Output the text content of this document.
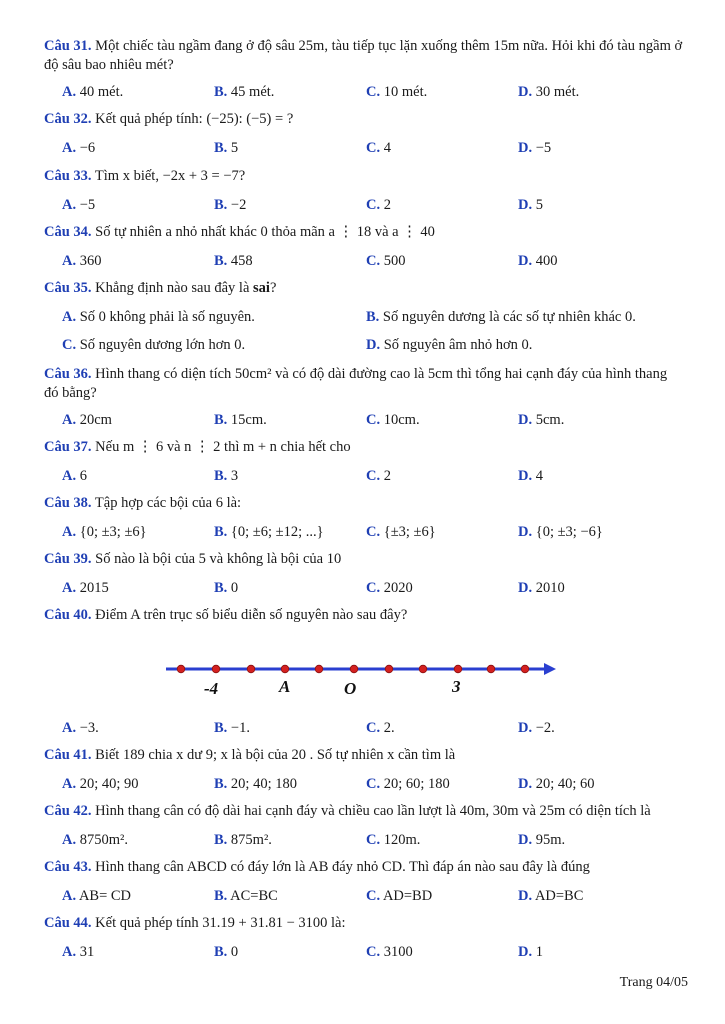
Câu 31. Một chiếc tàu ngầm đang ở độ sâu 25m, tàu tiếp tục lặn xuống thêm 15m nữa. Hỏi khi đó tàu ngầm ở độ sâu bao nhiêu mét?
A. 40 mét.	B. 45 mét.	C. 10 mét.	D. 30 mét.
Câu 32. Kết quả phép tính: (−25): (−5) = ?
A. −6	B. 5	C. 4	D. −5
Câu 33. Tìm x biết, −2x + 3 = −7?
A. −5	B. −2	C. 2	D. 5
Câu 34. Số tự nhiên a nhỏ nhất khác 0 thỏa mãn a ⋮ 18 và a ⋮ 40
A. 360	B. 458	C. 500	D. 400
Câu 35. Khẳng định nào sau đây là sai?
A. Số 0 không phải là số nguyên.	B. Số nguyên dương là các số tự nhiên khác 0.
C. Số nguyên dương lớn hơn 0.	D. Số nguyên âm nhỏ hơn 0.
Câu 36. Hình thang có diện tích 50cm² và có độ dài đường cao là 5cm thì tổng hai cạnh đáy của hình thang đó bằng?
A. 20cm	B. 15cm.	C. 10cm.	D. 5cm.
Câu 37. Nếu m ⋮ 6 và n ⋮ 2 thì m + n chia hết cho
A. 6	B. 3	C. 2	D. 4
Câu 38. Tập hợp các bội của 6 là:
A. {0; ±3; ±6}	B. {0; ±6; ±12; ...}	C. {±3; ±6}	D. {0; ±3; −6}
Câu 39. Số nào là bội của 5 và không là bội của 10
A. 2015	B. 0	C. 2020	D. 2010
Câu 40. Điểm A trên trục số biểu diễn số nguyên nào sau đây?
-4	A	O	3
A. −3.	B. −1.	C. 2.	D. −2.
Câu 41. Biết 189 chia x dư 9; x là bội của 20 . Số tự nhiên x cần tìm là
A. 20; 40; 90	B. 20; 40; 180	C. 20; 60; 180	D. 20; 40; 60
Câu 42. Hình thang cân có độ dài hai cạnh đáy và chiều cao lần lượt là 40m, 30m và 25m có diện tích là
A. 8750m².	B. 875m².	C. 120m.	D. 95m.
Câu 43. Hình thang cân ABCD có đáy lớn là AB đáy nhỏ CD. Thì đáp án nào sau đây là đúng
A. AB= CD	B. AC=BC	C. AD=BD	D. AD=BC
Câu 44. Kết quả phép tính 31.19 + 31.81 − 3100 là:
A. 31	B. 0	C. 3100	D. 1
Trang 04/05
